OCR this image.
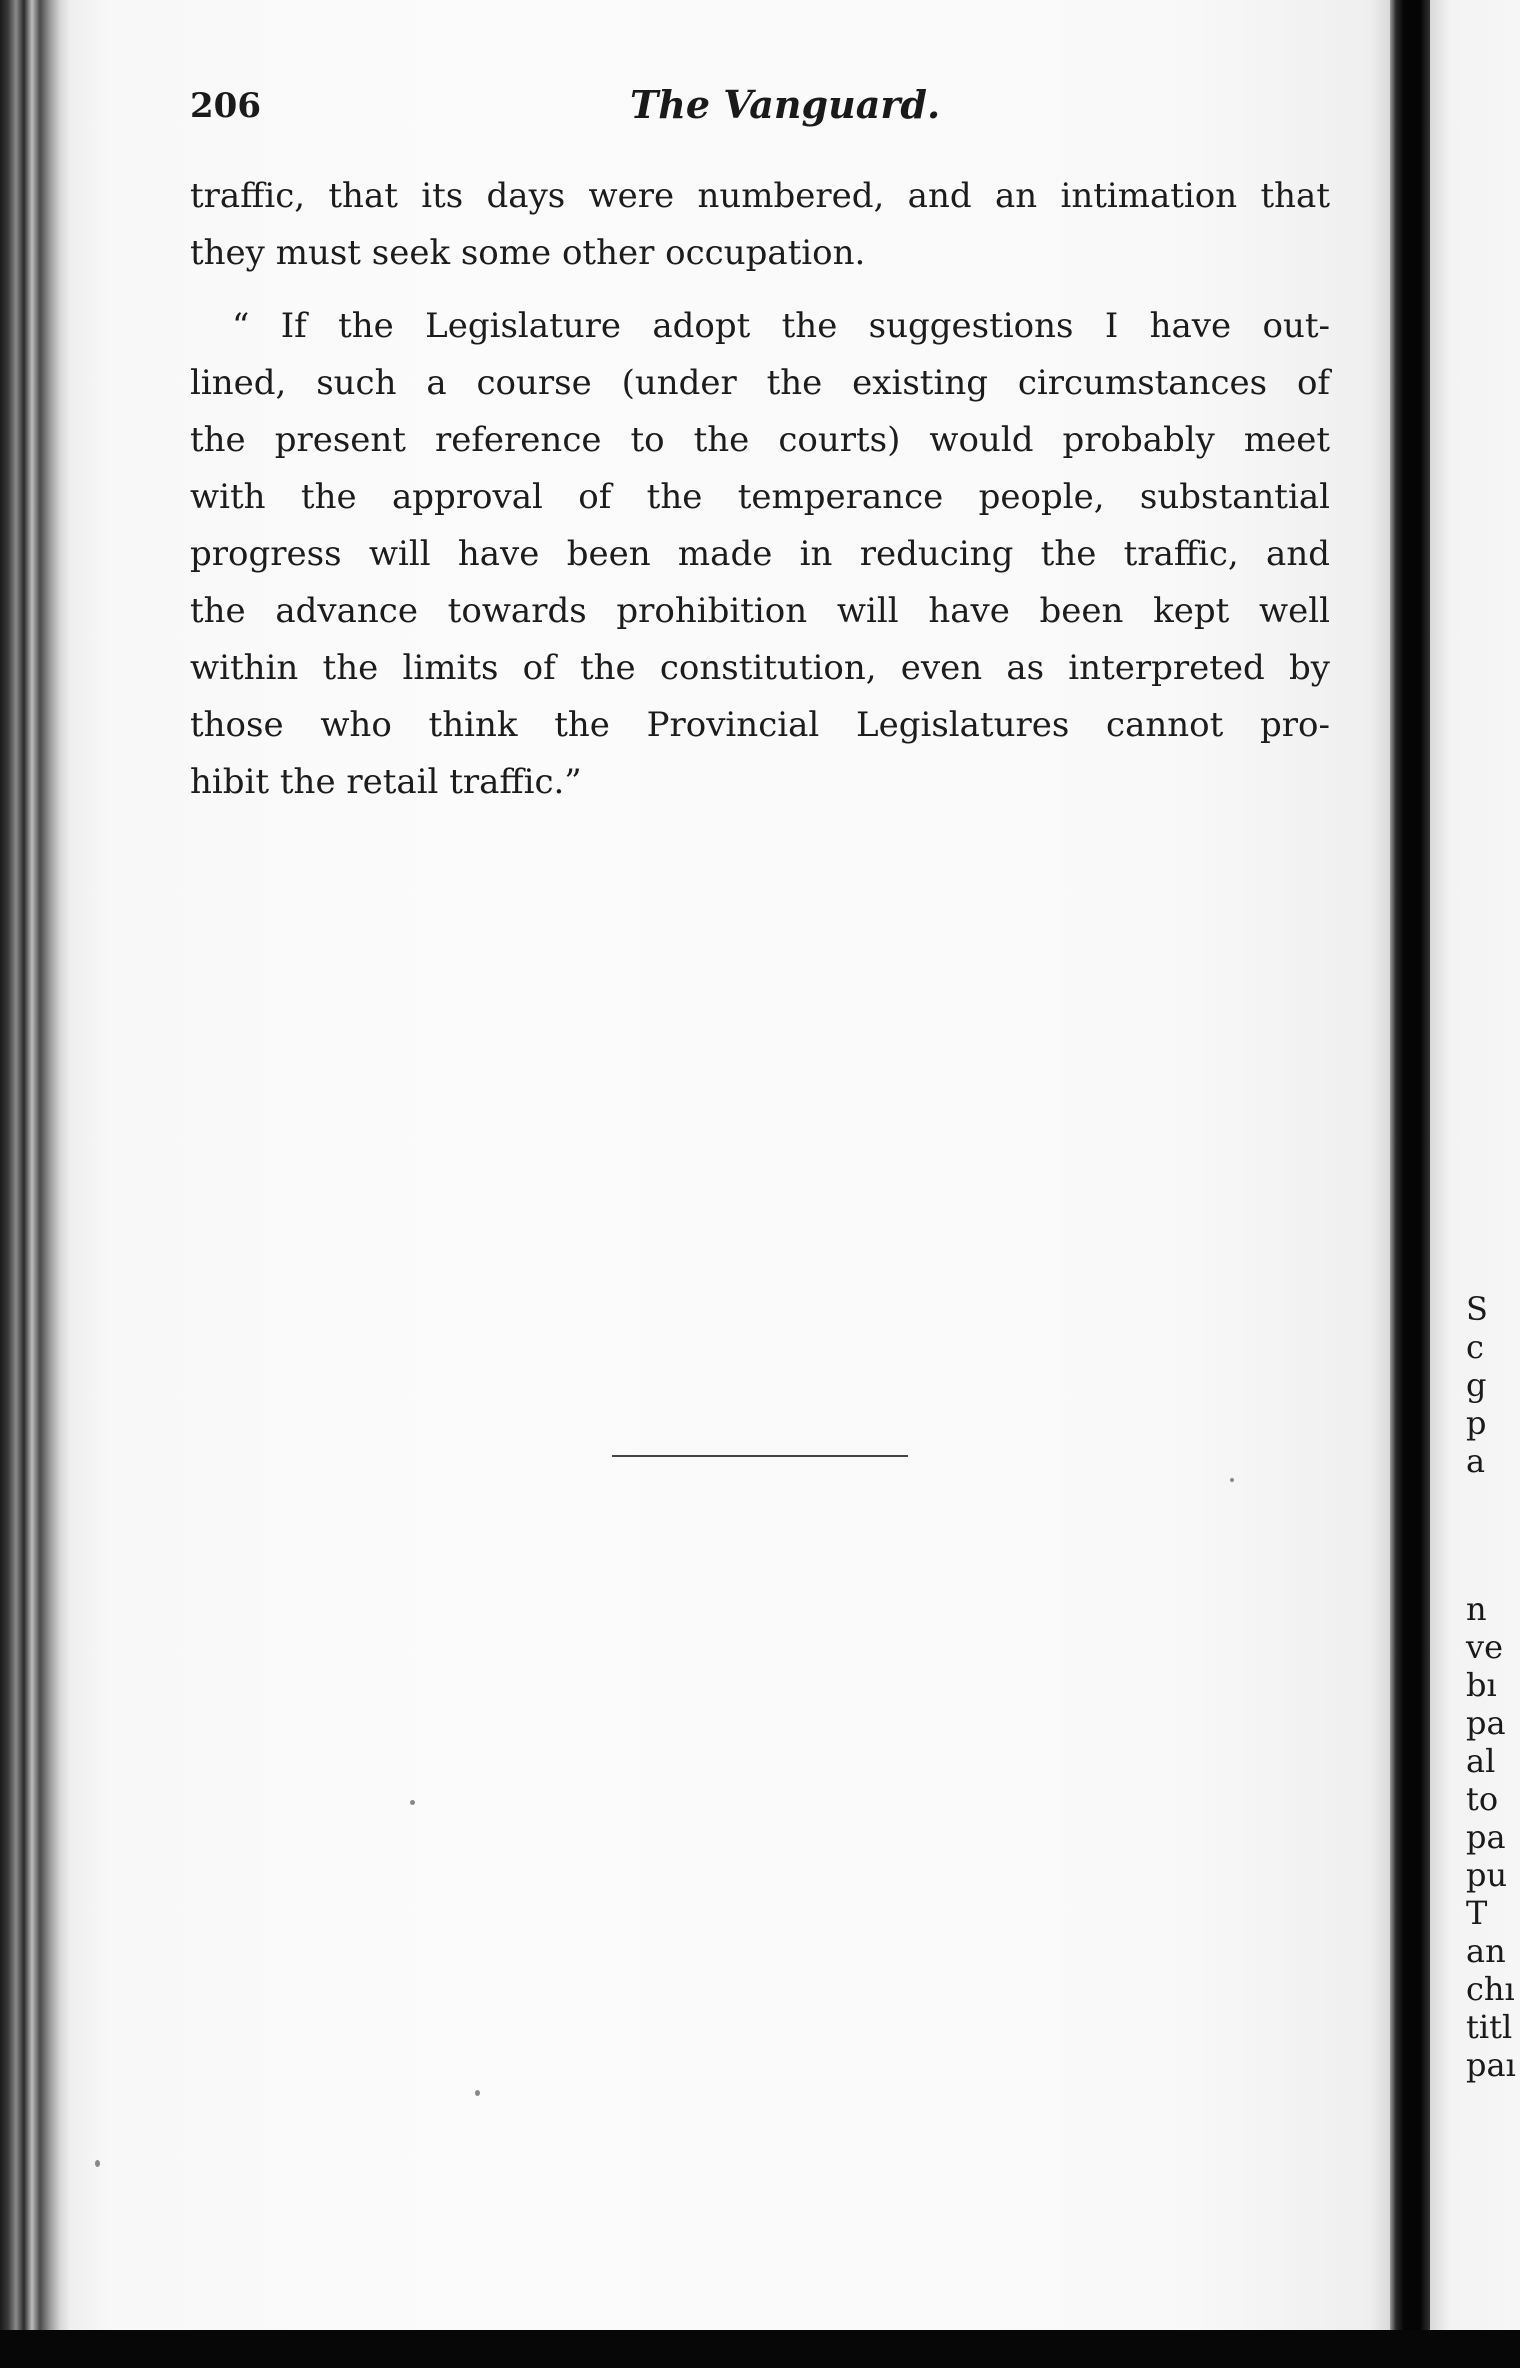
206	The Vanguard.
traffic, that its days were numbered, and an intimation that
they must seek some other occupation.
“ If the Legislature adopt the suggestions I have out-
lined, such a course (under the existing circumstances of
the present reference to the courts) would probably meet
with the approval of the temperance people, substantial
progress will have been made in reducing the traffic, and
the advance towards prohibition will have been kept well
within the limits of the constitution, even as interpreted by
those who think the Provincial Legislatures cannot pro-
hibit the retail traffic.”
S
c
g
p
a
n
ve
bı
pa
al
to
pa
pu
T
an
chı
titl
paı
